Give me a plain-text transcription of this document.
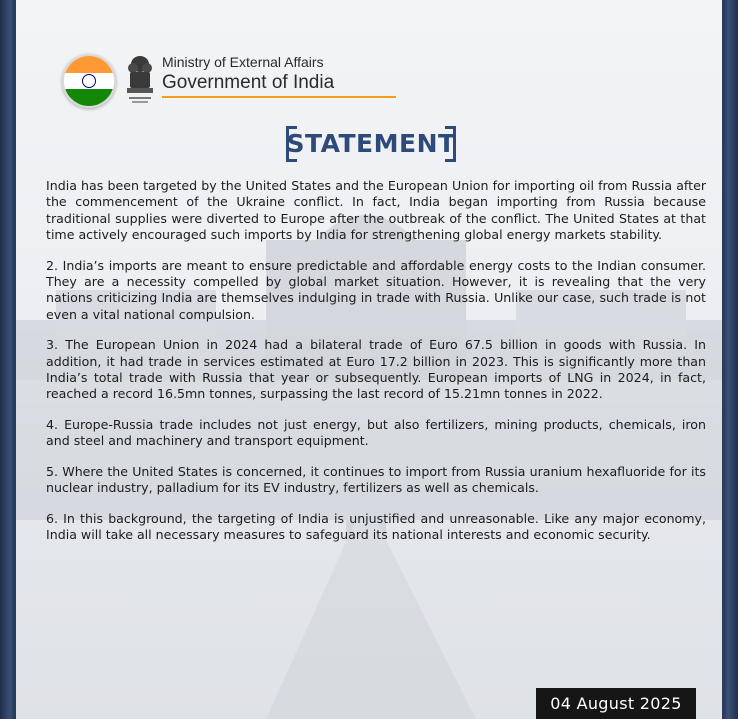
Ministry of External Affairs
Government of India
STATEMENT

India has been targeted by the United States and the European Union for importing oil from Russia after the commencement of the Ukraine conflict. In fact, India began importing from Russia because traditional supplies were diverted to Europe after the outbreak of the conflict. The United States at that time actively encouraged such imports by India for strengthening global energy markets stability.

2. India’s imports are meant to ensure predictable and affordable energy costs to the Indian consumer. They are a necessity compelled by global market situation. However, it is revealing that the very nations criticizing India are themselves indulging in trade with Russia. Unlike our case, such trade is not even a vital national compulsion.

3. The European Union in 2024 had a bilateral trade of Euro 67.5 billion in goods with Russia. In addition, it had trade in services estimated at Euro 17.2 billion in 2023. This is significantly more than India’s total trade with Russia that year or subsequently. European imports of LNG in 2024, in fact, reached a record 16.5mn tonnes, surpassing the last record of 15.21mn tonnes in 2022.

4. Europe-Russia trade includes not just energy, but also fertilizers, mining products, chemicals, iron and steel and machinery and transport equipment.

5. Where the United States is concerned, it continues to import from Russia uranium hexafluoride for its nuclear industry, palladium for its EV industry, fertilizers as well as chemicals.

6. In this background, the targeting of India is unjustified and unreasonable. Like any major economy, India will take all necessary measures to safeguard its national interests and economic security.

04 August 2025
